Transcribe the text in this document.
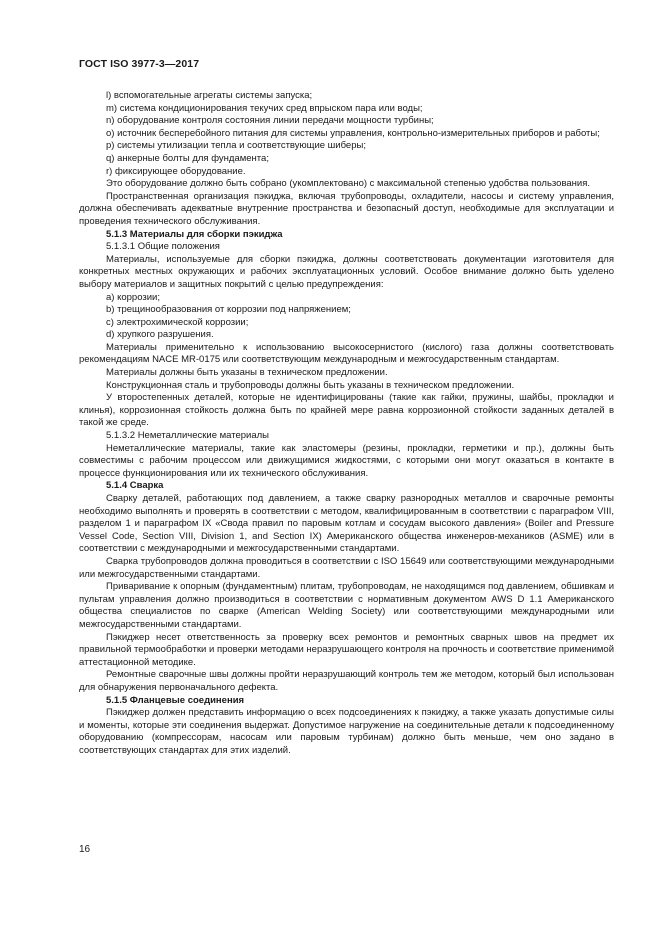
ГОСТ ISO 3977-3—2017

l) вспомогательные агрегаты системы запуска;

m) система кондиционирования текучих сред впрыском пара или воды;

n) оборудование контроля состояния линии передачи мощности турбины;

o) источник бесперебойного питания для системы управления, контрольно-измерительных приборов и работы;

p) системы утилизации тепла и соответствующие шиберы;

q) анкерные болты для фундамента;

r) фиксирующее оборудование.

Это оборудование должно быть собрано (укомплектовано) с максимальной степенью удобства пользования.

Пространственная организация пэкиджа, включая трубопроводы, охладители, насосы и систему управления, должна обеспечивать адекватные внутренние пространства и безопасный доступ, необходимые для эксплуатации и проведения технического обслуживания.

5.1.3 Материалы для сборки пэкиджа

5.1.3.1 Общие положения

Материалы, используемые для сборки пэкиджа, должны соответствовать документации изготовителя для конкретных местных окружающих и рабочих эксплуатационных условий. Особое внимание должно быть уделено выбору материалов и защитных покрытий с целью предупреждения:

a) коррозии;

b) трещинообразования от коррозии под напряжением;

c) электрохимической коррозии;

d) хрупкого разрушения.

Материалы применительно к использованию высокосернистого (кислого) газа должны соответствовать рекомендациям NACE MR-0175 или соответствующим международным и межгосударственным стандартам.

Материалы должны быть указаны в техническом предложении.

Конструкционная сталь и трубопроводы должны быть указаны в техническом предложении.

У второстепенных деталей, которые не идентифицированы (такие как гайки, пружины, шайбы, прокладки и клинья), коррозионная стойкость должна быть по крайней мере равна коррозионной стойкости заданных деталей в такой же среде.

5.1.3.2 Неметаллические материалы

Неметаллические материалы, такие как эластомеры (резины, прокладки, герметики и пр.), должны быть совместимы с рабочим процессом или движущимися жидкостями, с которыми они могут оказаться в контакте в процессе функционирования или их технического обслуживания.

5.1.4 Сварка

Сварку деталей, работающих под давлением, а также сварку разнородных металлов и сварочные ремонты необходимо выполнять и проверять в соответствии с методом, квалифицированным в соответствии с параграфом VIII, разделом 1 и параграфом IX «Свода правил по паровым котлам и сосудам высокого давления» (Boiler and Pressure Vessel Code, Section VIII, Division 1, and Section IX) Американского общества инженеров-механиков (ASME) или в соответствии с международными и межгосударственными стандартами.

Сварка трубопроводов должна проводиться в соответствии с ISO 15649 или соответствующими международными или межгосударственными стандартами.

Приваривание к опорным (фундаментным) плитам, трубопроводам, не находящимся под давлением, обшивкам и пультам управления должно производиться в соответствии с нормативным документом AWS D 1.1 Американского общества специалистов по сварке (American Welding Society) или соответствующими международными или межгосударственными стандартами.

Пэкиджер несет ответственность за проверку всех ремонтов и ремонтных сварных швов на предмет их правильной термообработки и проверки методами неразрушающего контроля на прочность и соответствие применимой аттестационной методике.

Ремонтные сварочные швы должны пройти неразрушающий контроль тем же методом, который был использован для обнаружения первоначального дефекта.

5.1.5 Фланцевые соединения

Пэкиджер должен представить информацию о всех подсоединениях к пэкиджу, а также указать допустимые силы и моменты, которые эти соединения выдержат. Допустимое нагружение на соединительные детали к подсоединенному оборудованию (компрессорам, насосам или паровым турбинам) должно быть меньше, чем оно задано в соответствующих стандартах для этих изделий.

16
